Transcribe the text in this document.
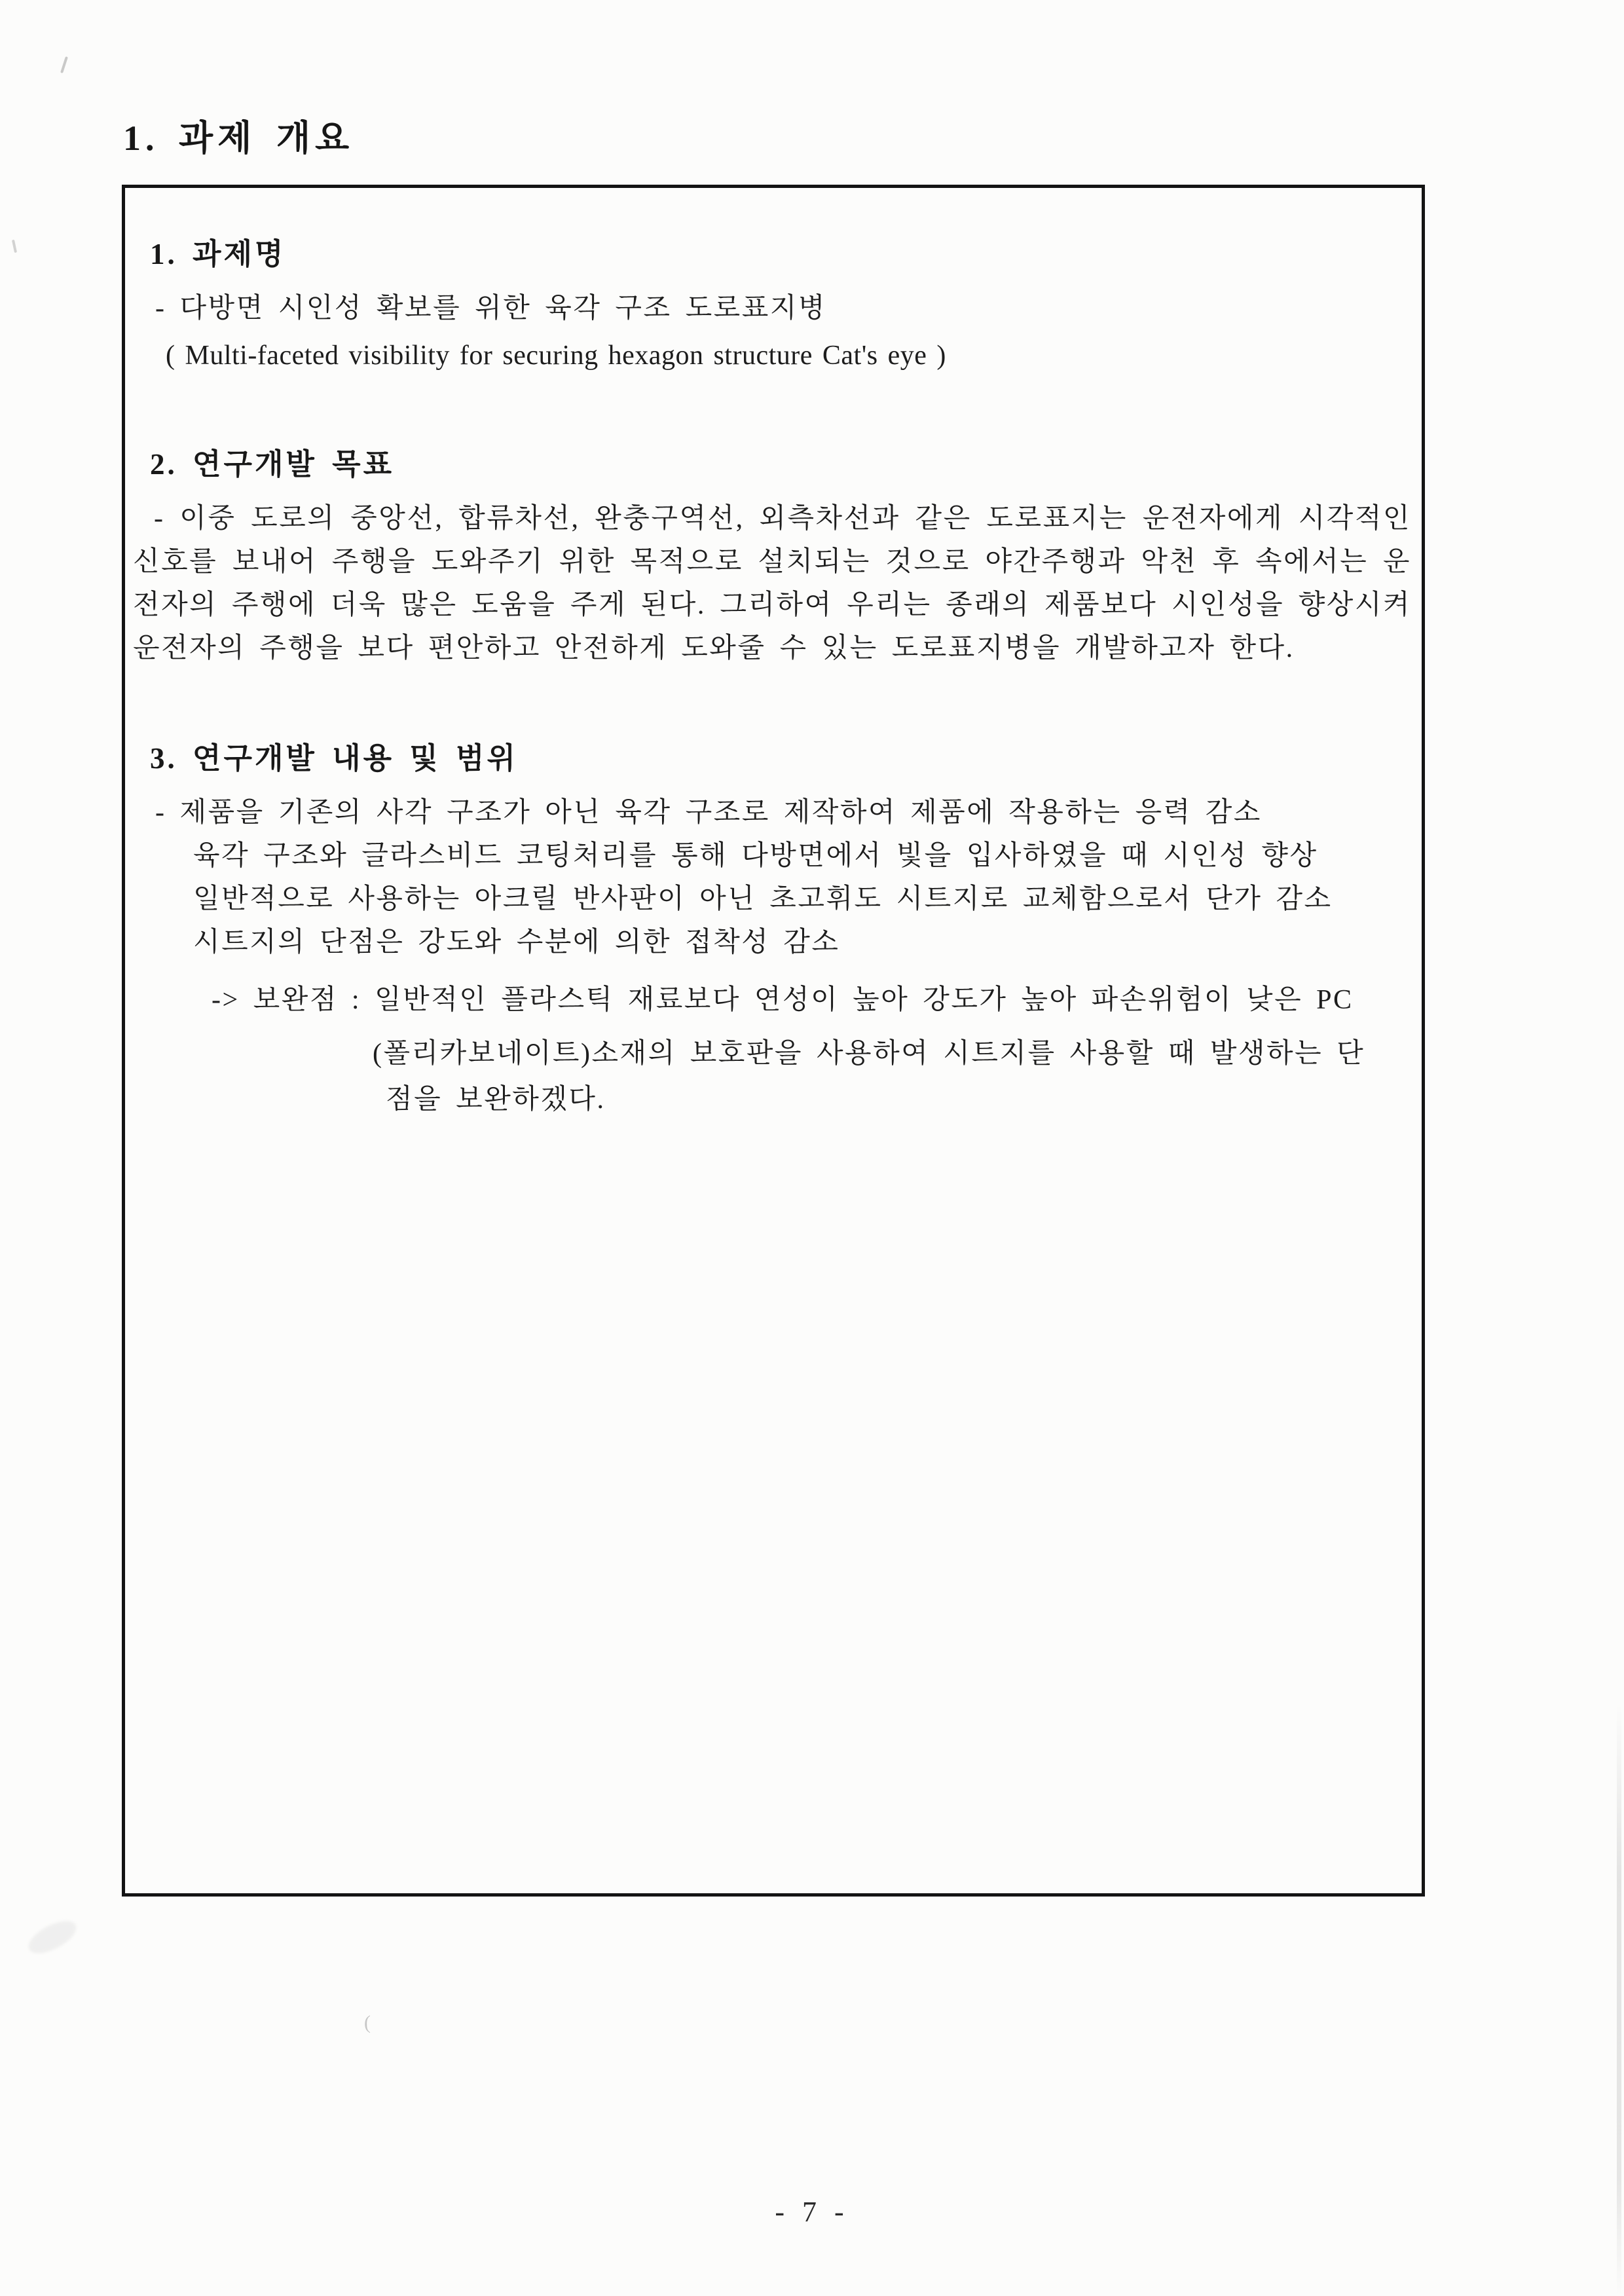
1. 과제 개요
1. 과제명

- 다방면 시인성 확보를 위한 육각 구조 도로표지병

( Multi-faceted visibility for securing hexagon structure Cat's eye )

2. 연구개발 목표

- 이중 도로의 중앙선, 합류차선, 완충구역선, 외측차선과 같은 도로표지는 운전자에게 시각적인 신호를 보내어 주행을 도와주기 위한 목적으로 설치되는 것으로 야간주행과 악천 후 속에서는 운전자의 주행에 더욱 많은 도움을 주게 된다. 그리하여 우리는 종래의 제품보다 시인성을 향상시켜 운전자의 주행을 보다 편안하고 안전하게 도와줄 수 있는 도로표지병을 개발하고자 한다.

3. 연구개발 내용 및 범위

- 제품을 기존의 사각 구조가 아닌 육각 구조로 제작하여 제품에 작용하는 응력 감소

육각 구조와 글라스비드 코팅처리를 통해 다방면에서 빛을 입사하였을 때 시인성 향상

일반적으로 사용하는 아크릴 반사판이 아닌 초고휘도 시트지로 교체함으로서 단가 감소

시트지의 단점은 강도와 수분에 의한 접착성 감소

-> 보완점 : 일반적인 플라스틱 재료보다 연성이 높아 강도가 높아 파손위험이 낮은 PC

(폴리카보네이트)소재의 보호판을 사용하여 시트지를 사용할 때 발생하는 단

점을 보완하겠다.

- 7 -
(
